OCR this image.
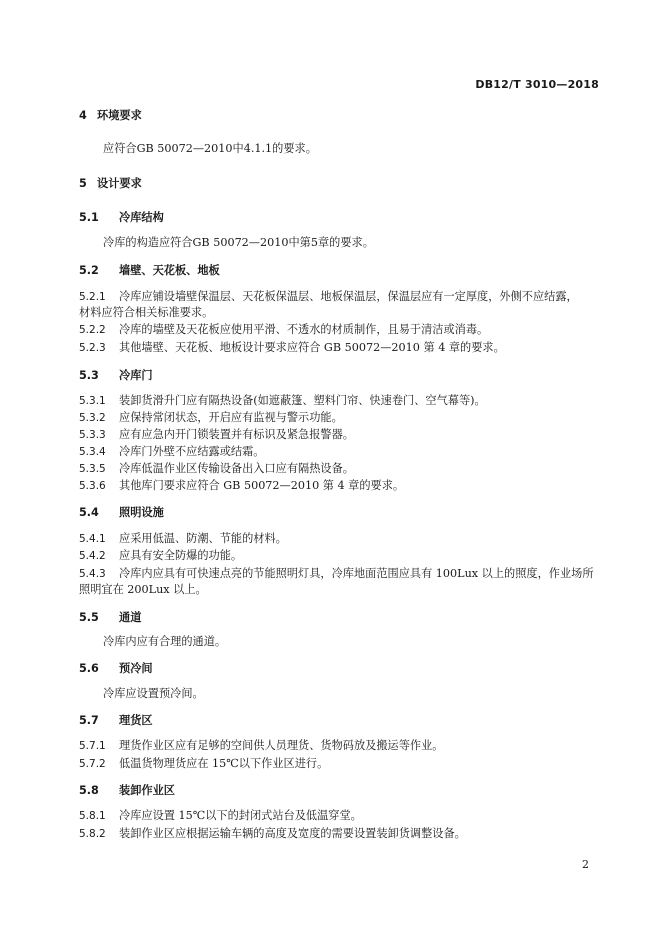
DB12/T 3010—2018
4 环境要求
应符合GB 50072—2010中4.1.1的要求。
5 设计要求
5.1 冷库结构
冷库的构造应符合GB 50072—2010中第5章的要求。
5.2 墙壁、天花板、地板
5.2.1 冷库应铺设墙壁保温层、天花板保温层、地板保温层，保温层应有一定厚度，外侧不应结露，
材料应符合相关标准要求。
5.2.2 冷库的墙壁及天花板应使用平滑、不透水的材质制作，且易于清洁或消毒。
5.2.3 其他墙壁、天花板、地板设计要求应符合 GB 50072—2010 第 4 章的要求。
5.3 冷库门
5.3.1 装卸货滑升门应有隔热设备(如遮蔽篷、塑料门帘、快速卷门、空气幕等)。
5.3.2 应保持常闭状态，开启应有监视与警示功能。
5.3.3 应有应急内开门锁装置并有标识及紧急报警器。
5.3.4 冷库门外壁不应结露或结霜。
5.3.5 冷库低温作业区传输设备出入口应有隔热设备。
5.3.6 其他库门要求应符合 GB 50072—2010 第 4 章的要求。
5.4 照明设施
5.4.1 应采用低温、防潮、节能的材料。
5.4.2 应具有安全防爆的功能。
5.4.3 冷库内应具有可快速点亮的节能照明灯具，冷库地面范围应具有 100Lux 以上的照度，作业场所
照明宜在 200Lux 以上。
5.5 通道
冷库内应有合理的通道。
5.6 预冷间
冷库应设置预冷间。
5.7 理货区
5.7.1 理货作业区应有足够的空间供人员理货、货物码放及搬运等作业。
5.7.2 低温货物理货应在 15℃以下作业区进行。
5.8 装卸作业区
5.8.1 冷库应设置 15℃以下的封闭式站台及低温穿堂。
5.8.2 装卸作业区应根据运输车辆的高度及宽度的需要设置装卸货调整设备。
2
